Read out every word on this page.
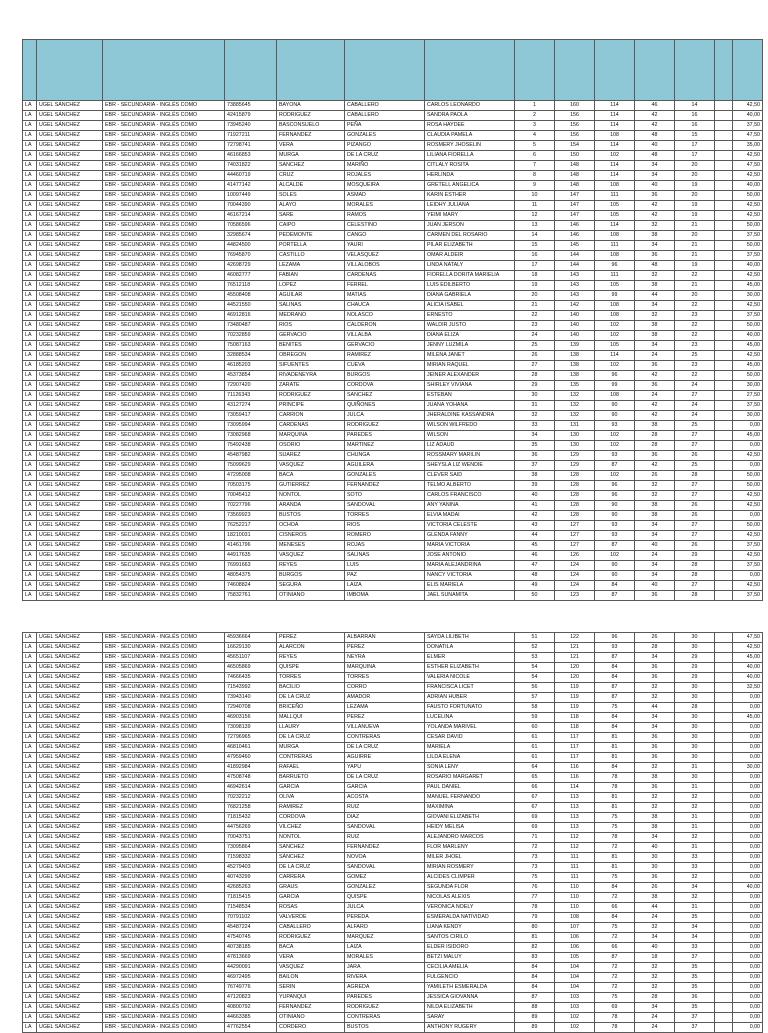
LA	UGEL SÁNCHEZ	EBR - SECUNDARIA - INGLÉS COMO	73885645	BAYONA	CABALLERO	CARLOS LEONARDO	1	160	114	46	14		42,50
LA	UGEL SÁNCHEZ	EBR - SECUNDARIA - INGLÉS COMO	42415879	RODRIGUEZ	CABALLERO	SANDRA PAOLA	2	156	114	42	16		40,00
LA	UGEL SÁNCHEZ	EBR - SECUNDARIA - INGLÉS COMO	73945240	BASCONSUELO	PEÑA	ROSA HAYDEE	3	156	114	42	16		37,50
LA	UGEL SÁNCHEZ	EBR - SECUNDARIA - INGLÉS COMO	71927211	FERNANDEZ	GONZALES	CLAUDIA PAMELA	4	156	108	48	15		47,50
LA	UGEL SÁNCHEZ	EBR - SECUNDARIA - INGLÉS COMO	72798741	VERA	PIZANGO	ROSMERY JHOSELIN	5	154	114	40	17		35,00
LA	UGEL SÁNCHEZ	EBR - SECUNDARIA - INGLÉS COMO	46166853	MURGA	DE LA CRUZ	LILIANA FIORELLA	6	150	102	48	17		42,50
LA	UGEL SÁNCHEZ	EBR - SECUNDARIA - INGLÉS COMO	74031822	SANCHEZ	MARIÑO	CITLALY ROSITA	7	148	114	34	20		47,50
LA	UGEL SÁNCHEZ	EBR - SECUNDARIA - INGLÉS COMO	44460719	CRUZ	ROJALES	HERLINDA	8	148	114	34	20		42,50
LA	UGEL SÁNCHEZ	EBR - SECUNDARIA - INGLÉS COMO	41477142	ALCALDE	MOSQUEIRA	GRETELL ANGELICA	9	148	108	40	19		40,00
LA	UGEL SÁNCHEZ	EBR - SECUNDARIA - INGLÉS COMO	10097449	SOLES	ASMAD	KARIN ESTHER	10	147	111	36	20		50,00
LA	UGEL SÁNCHEZ	EBR - SECUNDARIA - INGLÉS COMO	70044390	ALAYO	MORALES	LEIDHY JULIANA	11	147	105	42	19		42,50
LA	UGEL SÁNCHEZ	EBR - SECUNDARIA - INGLÉS COMO	46167214	SARE	RAMOS	YEIMI MARY	12	147	105	42	19		42,50
LA	UGEL SÁNCHEZ	EBR - SECUNDARIA - INGLÉS COMO	70586596	CAIPO	CELESTINO	JUAN JERSON	13	146	114	32	21		50,00
LA	UGEL SÁNCHEZ	EBR - SECUNDARIA - INGLÉS COMO	32985674	PEDEMONTE	CANGO	CARMEN DEL ROSARIO	14	146	108	38	20		37,50
LA	UGEL SÁNCHEZ	EBR - SECUNDARIA - INGLÉS COMO	44824500	PORTELLA	YAURI	PILAR ELIZABETH	15	145	111	34	21		50,00
LA	UGEL SÁNCHEZ	EBR - SECUNDARIA - INGLÉS COMO	76945870	CASTILLO	VELASQUEZ	OMAR ALDEIR	16	144	108	36	21		37,50
LA	UGEL SÁNCHEZ	EBR - SECUNDARIA - INGLÉS COMO	42698729	LEZAMA	VILLALOBOS	LINDA NATALY	17	144	96	48	19		40,00
LA	UGEL SÁNCHEZ	EBR - SECUNDARIA - INGLÉS COMO	46082777	FABIAN	CARDENAS	FIORELLA DORITA MARIELIA	18	143	111	32	22		42,50
LA	UGEL SÁNCHEZ	EBR - SECUNDARIA - INGLÉS COMO	76512118	LOPEZ	FERREL	LUIS EDILBERTO	19	143	105	38	21		45,00
LA	UGEL SÁNCHEZ	EBR - SECUNDARIA - INGLÉS COMO	45508408	AGUILAR	MATIAS	DIANA GABRIELA	20	143	99	44	20		30,00
LA	UGEL SÁNCHEZ	EBR - SECUNDARIA - INGLÉS COMO	44521550	SALINAS	CHAUCA	ALICIA ISABEL	21	142	108	34	22		42,50
LA	UGEL SÁNCHEZ	EBR - SECUNDARIA - INGLÉS COMO	46912816	MEDRANO	NOLASCO	ERNESTO	22	140	108	32	23		37,50
LA	UGEL SÁNCHEZ	EBR - SECUNDARIA - INGLÉS COMO	73480487	RIOS	CALDERON	WALDIR JUSTO	23	140	102	38	22		50,00
LA	UGEL SÁNCHEZ	EBR - SECUNDARIA - INGLÉS COMO	70232859	GERVACIO	VILLALBA	DIANA ELIZA	24	140	102	38	22		40,00
LA	UGEL SÁNCHEZ	EBR - SECUNDARIA - INGLÉS COMO	75087163	BENITES	GERVACIO	JENNY LUZMILA	25	139	105	34	23		45,00
LA	UGEL SÁNCHEZ	EBR - SECUNDARIA - INGLÉS COMO	32888534	OBREGON	RAMIREZ	MILENA JANET	26	138	114	24	25		42,50
LA	UGEL SÁNCHEZ	EBR - SECUNDARIA - INGLÉS COMO	46185203	SIFUENTES	CUEVA	MIRIAN RAQUEL	27	138	102	36	23		45,00
LA	UGEL SÁNCHEZ	EBR - SECUNDARIA - INGLÉS COMO	45373854	RIVADENEYRA	BURGOS	JEINER ALEXANDER	28	138	96	42	22		50,00
LA	UGEL SÁNCHEZ	EBR - SECUNDARIA - INGLÉS COMO	72907420	ZARATE	CORDOVA	SHIRLEY VIVIANA	29	135	99	36	24		30,00
LA	UGEL SÁNCHEZ	EBR - SECUNDARIA - INGLÉS COMO	71126343	RODRIGUEZ	SANCHEZ	ESTEBAN	30	132	108	24	27		27,50
LA	UGEL SÁNCHEZ	EBR - SECUNDARIA - INGLÉS COMO	43127274	PRINCIPE	QUIÑONES	JUANA YOHANA	31	132	90	42	24		37,50
LA	UGEL SÁNCHEZ	EBR - SECUNDARIA - INGLÉS COMO	73059417	CARRION	JULCA	JHERALDINE KASSANDRA	32	132	90	42	24		30,00
LA	UGEL SÁNCHEZ	EBR - SECUNDARIA - INGLÉS COMO	73095994	CARDENAS	RODRIGUEZ	WILSON WILFREDO	33	131	93	38	25		0,00
LA	UGEL SÁNCHEZ	EBR - SECUNDARIA - INGLÉS COMO	73082968	MARQUINA	PAREDES	WILSON	34	130	102	28	27		45,00
LA	UGEL SÁNCHEZ	EBR - SECUNDARIA - INGLÉS COMO	75492438	OSORIO	MARTINEZ	LIZ ADAUD	35	130	102	28	27		0,00
LA	UGEL SÁNCHEZ	EBR - SECUNDARIA - INGLÉS COMO	45487982	SUAREZ	CHUNGA	ROSSMARY MARILIN	36	129	93	36	26		42,50
LA	UGEL SÁNCHEZ	EBR - SECUNDARIA - INGLÉS COMO	75099629	VASQUEZ	AGUILERA	SHEYSLA LIZ WENDIE	37	129	87	42	25		0,00
LA	UGEL SÁNCHEZ	EBR - SECUNDARIA - INGLÉS COMO	47295008	BACA	GONZALES	CLEVER SAID	38	128	102	26	28		50,00
LA	UGEL SÁNCHEZ	EBR - SECUNDARIA - INGLÉS COMO	70503175	GUTIERREZ	FERNANDEZ	TELMO ALBERTO	39	128	96	32	27		50,00
LA	UGEL SÁNCHEZ	EBR - SECUNDARIA - INGLÉS COMO	70045412	NONTOL	SOTO	CARLOS FRANCISCO	40	128	96	32	27		42,50
LA	UGEL SÁNCHEZ	EBR - SECUNDARIA - INGLÉS COMO	70227796	ARANDA	SANDOVAL	ANY YANINA	41	128	90	38	26		42,50
LA	UGEL SÁNCHEZ	EBR - SECUNDARIA - INGLÉS COMO	73569923	BUSTOS	TORRES	ELVIA MADAI	42	128	90	38	26		0,00
LA	UGEL SÁNCHEZ	EBR - SECUNDARIA - INGLÉS COMO	76252217	OCHOA	RIOS	VICTORIA CELESTE	43	127	93	34	27		50,00
LA	UGEL SÁNCHEZ	EBR - SECUNDARIA - INGLÉS COMO	18210031	CISNEROS	ROMERO	GLENDA FANNY	44	127	93	34	27		42,50
LA	UGEL SÁNCHEZ	EBR - SECUNDARIA - INGLÉS COMO	41461796	MENESES	ROJAS	MARIA VICTORIA	45	127	87	40	26		37,50
LA	UGEL SÁNCHEZ	EBR - SECUNDARIA - INGLÉS COMO	44917635	VASQUEZ	SALINAS	JOSE ANTONIO	46	126	102	24	29		42,50
LA	UGEL SÁNCHEZ	EBR - SECUNDARIA - INGLÉS COMO	76991663	REYES	LUIS	MARIA ALEJANDRINA	47	124	90	34	28		37,50
LA	UGEL SÁNCHEZ	EBR - SECUNDARIA - INGLÉS COMO	48054375	BURGOS	PAZ	NANCY VICTORIA	48	124	90	34	28		0,00
LA	UGEL SÁNCHEZ	EBR - SECUNDARIA - INGLÉS COMO	74608824	SEGURA	LAIZA	ELIS MARIELA	49	124	84	40	27		42,50
LA	UGEL SÁNCHEZ	EBR - SECUNDARIA - INGLÉS COMO	75832761	OTINIANO	IMBOMA	JAEL SUNAMITA	50	123	87	36	28		37,50
LA	UGEL SÁNCHEZ	EBR - SECUNDARIA - INGLÉS COMO	45936664	PEREZ	ALBARRAN	SAYDA LILIBETH	51	122	96	26	30		47,50
LA	UGEL SÁNCHEZ	EBR - SECUNDARIA - INGLÉS COMO	16629130	ALARCON	PEREZ	DONATILA	52	121	93	28	30		42,50
LA	UGEL SÁNCHEZ	EBR - SECUNDARIA - INGLÉS COMO	45651107	REYES	NEYRA	ELMER	53	121	87	34	29		45,00
LA	UGEL SÁNCHEZ	EBR - SECUNDARIA - INGLÉS COMO	46505869	QUISPE	MARQUINA	ESTHER ELIZABETH	54	120	84	36	29		40,00
LA	UGEL SÁNCHEZ	EBR - SECUNDARIA - INGLÉS COMO	74666435	TORRES	TORRES	VALERIA NICOLE	54	120	84	36	29		40,00
LA	UGEL SÁNCHEZ	EBR - SECUNDARIA - INGLÉS COMO	71543992	BACILIO	CORRO	FRANCISCA LICET	56	119	87	32	30		32,50
LA	UGEL SÁNCHEZ	EBR - SECUNDARIA - INGLÉS COMO	73943140	DE LA CRUZ	AMADOR	ADRIAN HUBER	57	119	87	32	30		0,00
LA	UGEL SÁNCHEZ	EBR - SECUNDARIA - INGLÉS COMO	72940708	BRICEÑO	LEZAMA	FAUSTO FORTUNATO	58	119	75	44	28		0,00
LA	UGEL SÁNCHEZ	EBR - SECUNDARIA - INGLÉS COMO	46903156	MALLQUI	PEREZ	LUCELINA	59	118	84	34	30		45,00
LA	UGEL SÁNCHEZ	EBR - SECUNDARIA - INGLÉS COMO	73098139	LLAURY	VILLANUEVA	YOLANDA MARIVEL	60	118	84	34	30		0,00
LA	UGEL SÁNCHEZ	EBR - SECUNDARIA - INGLÉS COMO	72796965	DE LA CRUZ	CONTRERAS	CESAR DAVID	61	117	81	36	30		0,00
LA	UGEL SÁNCHEZ	EBR - SECUNDARIA - INGLÉS COMO	46810461	MURGA	DE LA CRUZ	MARIELA	61	117	81	36	30		0,00
LA	UGEL SÁNCHEZ	EBR - SECUNDARIA - INGLÉS COMO	47959460	CONTRERAS	AGUIRRE	LILDA ELENA	61	117	81	36	30		0,00
LA	UGEL SÁNCHEZ	EBR - SECUNDARIA - INGLÉS COMO	41892984	RAFAEL	YAPU	SONIA LENY	64	116	84	32	31		30,00
LA	UGEL SÁNCHEZ	EBR - SECUNDARIA - INGLÉS COMO	47508748	BARRUETO	DE LA CRUZ	ROSARIO MARGARET	65	116	78	38	30		0,00
LA	UGEL SÁNCHEZ	EBR - SECUNDARIA - INGLÉS COMO	46942614	GARCIA	GARCIA	PAUL DANIEL	66	114	78	36	31		0,00
LA	UGEL SÁNCHEZ	EBR - SECUNDARIA - INGLÉS COMO	70232212	OLIVA	ACOSTA	MANUEL FERNANDO	67	113	81	32	32		0,00
LA	UGEL SÁNCHEZ	EBR - SECUNDARIA - INGLÉS COMO	76821258	RAMIREZ	RUIZ	MAXIMINA	67	113	81	32	32		0,00
LA	UGEL SÁNCHEZ	EBR - SECUNDARIA - INGLÉS COMO	71815432	CORDOVA	DIAZ	GIOVANI ELIZABETH	69	113	75	38	31		0,00
LA	UGEL SÁNCHEZ	EBR - SECUNDARIA - INGLÉS COMO	44756269	VILCHEZ	SANDOVAL	HEIDY MELISA	69	113	75	38	31		0,00
LA	UGEL SÁNCHEZ	EBR - SECUNDARIA - INGLÉS COMO	70043751	NONTOL	RUIZ	ALEJANDRO MARCOS	71	112	78	34	32		0,00
LA	UGEL SÁNCHEZ	EBR - SECUNDARIA - INGLÉS COMO	73095864	SANCHEZ	FERNANDEZ	FLOR MARLENY	72	112	72	40	31		0,00
LA	UGEL SÁNCHEZ	EBR - SECUNDARIA - INGLÉS COMO	71598332	SÁNCHEZ	NOVOA	MILER JHOEL	73	111	81	30	33		0,00
LA	UGEL SÁNCHEZ	EBR - SECUNDARIA - INGLÉS COMO	45279403	DE LA CRUZ	SANDOVAL	MIRIAN ROSMERY	73	111	81	30	33		0,00
LA	UGEL SÁNCHEZ	EBR - SECUNDARIA - INGLÉS COMO	40743299	CARRERA	GOMEZ	ALCIDES CLIMPER	75	111	75	36	32		0,00
LA	UGEL SÁNCHEZ	EBR - SECUNDARIA - INGLÉS COMO	42685263	GRAUS	GONZALEZ	SEGUNDA FLOR	76	110	84	26	34		40,00
LA	UGEL SÁNCHEZ	EBR - SECUNDARIA - INGLÉS COMO	71815415	GARCIA	QUISPE	NICOLAS ALEXIS	77	110	72	38	32		0,00
LA	UGEL SÁNCHEZ	EBR - SECUNDARIA - INGLÉS COMO	71548534	ROSAS	JULCA	VERONICA NOELY	78	110	66	44	31		0,00
LA	UGEL SÁNCHEZ	EBR - SECUNDARIA - INGLÉS COMO	70791102	VALVERDE	PEREDA	ESMERALDA NATIVIDAD	79	108	84	24	35		0,00
LA	UGEL SÁNCHEZ	EBR - SECUNDARIA - INGLÉS COMO	45487224	CABALLERO	ALFARO	LIANA KENDY	80	107	75	32	34		0,00
LA	UGEL SÁNCHEZ	EBR - SECUNDARIA - INGLÉS COMO	47540745	RODRIGUEZ	MARQUEZ	SANTOS CIRILO	81	106	72	34	34		0,00
LA	UGEL SÁNCHEZ	EBR - SECUNDARIA - INGLÉS COMO	40738185	BACA	LAIZA	ELDER ISIDORO	82	106	66	40	33		0,00
LA	UGEL SÁNCHEZ	EBR - SECUNDARIA - INGLÉS COMO	47813669	VERA	MORALES	BETZI MALUY	83	105	87	18	37		0,00
LA	UGEL SÁNCHEZ	EBR - SECUNDARIA - INGLÉS COMO	44290091	VASQUEZ	JARA	CECILIA AMELIA	84	104	72	32	35		0,00
LA	UGEL SÁNCHEZ	EBR - SECUNDARIA - INGLÉS COMO	46972495	BAILON	RIVERA	FULGENCIO	84	104	72	32	35		0,00
LA	UGEL SÁNCHEZ	EBR - SECUNDARIA - INGLÉS COMO	76749776	SERIN	AGREDA	YAMILETH ESMERALDA	84	104	72	32	35		0,00
LA	UGEL SÁNCHEZ	EBR - SECUNDARIA - INGLÉS COMO	47120823	YUPANQUI	PAREDES	JESSICA GIOVANNA	87	103	75	28	36		0,00
LA	UGEL SÁNCHEZ	EBR - SECUNDARIA - INGLÉS COMO	40800792	FERNANDEZ	RODRIGUEZ	NILDA ELIZABETH	88	103	69	34	35		0,00
LA	UGEL SÁNCHEZ	EBR - SECUNDARIA - INGLÉS COMO	44663385	OTINIANO	CONTRERAS	SARAY	89	102	78	24	37		0,00
LA	UGEL SÁNCHEZ	EBR - SECUNDARIA - INGLÉS COMO	47762554	CORDERO	BUSTOS	ANTHONY RUGERY	89	102	78	24	37		0,00
